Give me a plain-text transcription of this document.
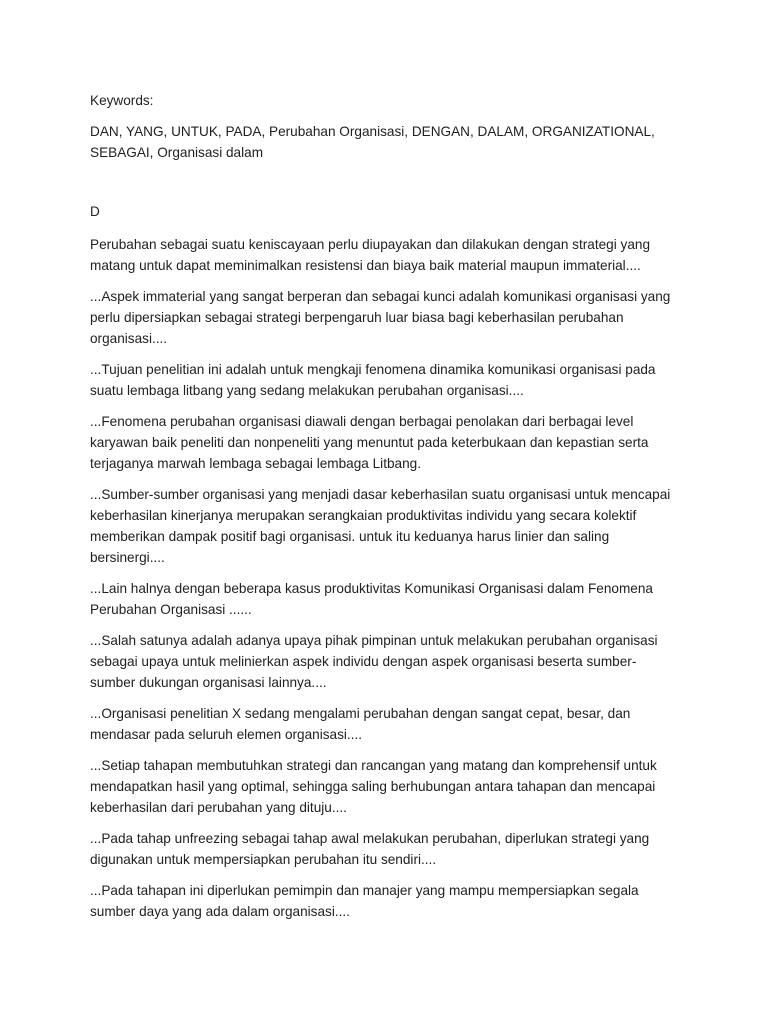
Keywords:

DAN, YANG, UNTUK, PADA, Perubahan Organisasi, DENGAN, DALAM, ORGANIZATIONAL, SEBAGAI, Organisasi dalam

D

Perubahan sebagai suatu keniscayaan perlu diupayakan dan dilakukan dengan strategi yang matang untuk dapat meminimalkan resistensi dan biaya baik material maupun immaterial....

...Aspek immaterial yang sangat berperan dan sebagai kunci adalah komunikasi organisasi yang perlu dipersiapkan sebagai strategi berpengaruh luar biasa bagi keberhasilan perubahan organisasi....

...Tujuan penelitian ini adalah untuk mengkaji fenomena dinamika komunikasi organisasi pada suatu lembaga litbang yang sedang melakukan perubahan organisasi....

...Fenomena perubahan organisasi diawali dengan berbagai penolakan dari berbagai level karyawan baik peneliti dan nonpeneliti yang menuntut pada keterbukaan dan kepastian serta terjaganya marwah lembaga sebagai lembaga Litbang.

...Sumber-sumber organisasi yang menjadi dasar keberhasilan suatu organisasi untuk mencapai keberhasilan kinerjanya merupakan serangkaian produktivitas individu yang secara kolektif memberikan dampak positif bagi organisasi. untuk itu keduanya harus linier dan saling bersinergi....

...Lain halnya dengan beberapa kasus produktivitas Komunikasi Organisasi dalam Fenomena Perubahan Organisasi ......

...Salah satunya adalah adanya upaya pihak pimpinan untuk melakukan perubahan organisasi sebagai upaya untuk melinierkan aspek individu dengan aspek organisasi beserta sumber-sumber dukungan organisasi lainnya....

...Organisasi penelitian X sedang mengalami perubahan dengan sangat cepat, besar, dan mendasar pada seluruh elemen organisasi....

...Setiap tahapan membutuhkan strategi dan rancangan yang matang dan komprehensif untuk mendapatkan hasil yang optimal, sehingga saling berhubungan antara tahapan dan mencapai keberhasilan dari perubahan yang dituju....

...Pada tahap unfreezing sebagai tahap awal melakukan perubahan, diperlukan strategi yang digunakan untuk mempersiapkan perubahan itu sendiri....

...Pada tahapan ini diperlukan pemimpin dan manajer yang mampu mempersiapkan segala sumber daya yang ada dalam organisasi....
